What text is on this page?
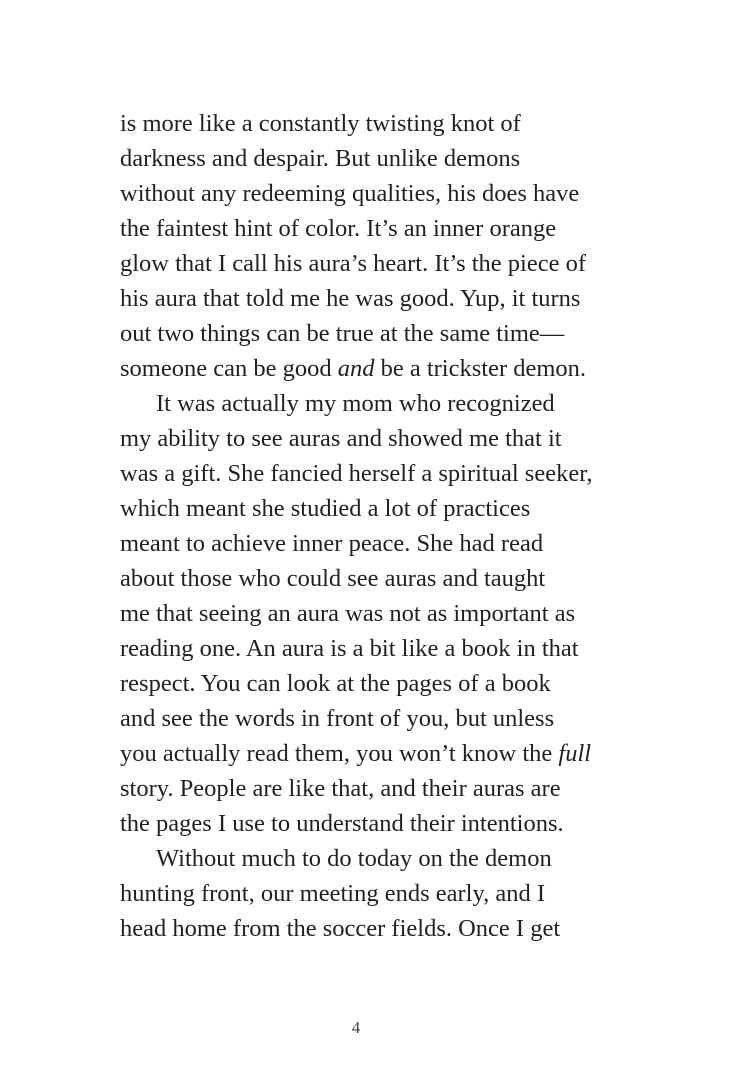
is more like a constantly twisting knot of
darkness and despair. But unlike demons
without any redeeming qualities, his does have
the faintest hint of color. It’s an inner orange
glow that I call his aura’s heart. It’s the piece of
his aura that told me he was good. Yup, it turns
out two things can be true at the same time—
someone can be good and be a trickster demon.
It was actually my mom who recognized
my ability to see auras and showed me that it
was a gift. She fancied herself a spiritual seeker,
which meant she studied a lot of practices
meant to achieve inner peace. She had read
about those who could see auras and taught
me that seeing an aura was not as important as
reading one. An aura is a bit like a book in that
respect. You can look at the pages of a book
and see the words in front of you, but unless
you actually read them, you won’t know the full
story. People are like that, and their auras are
the pages I use to understand their intentions.
Without much to do today on the demon
hunting front, our meeting ends early, and I
head home from the soccer fields. Once I get
4
